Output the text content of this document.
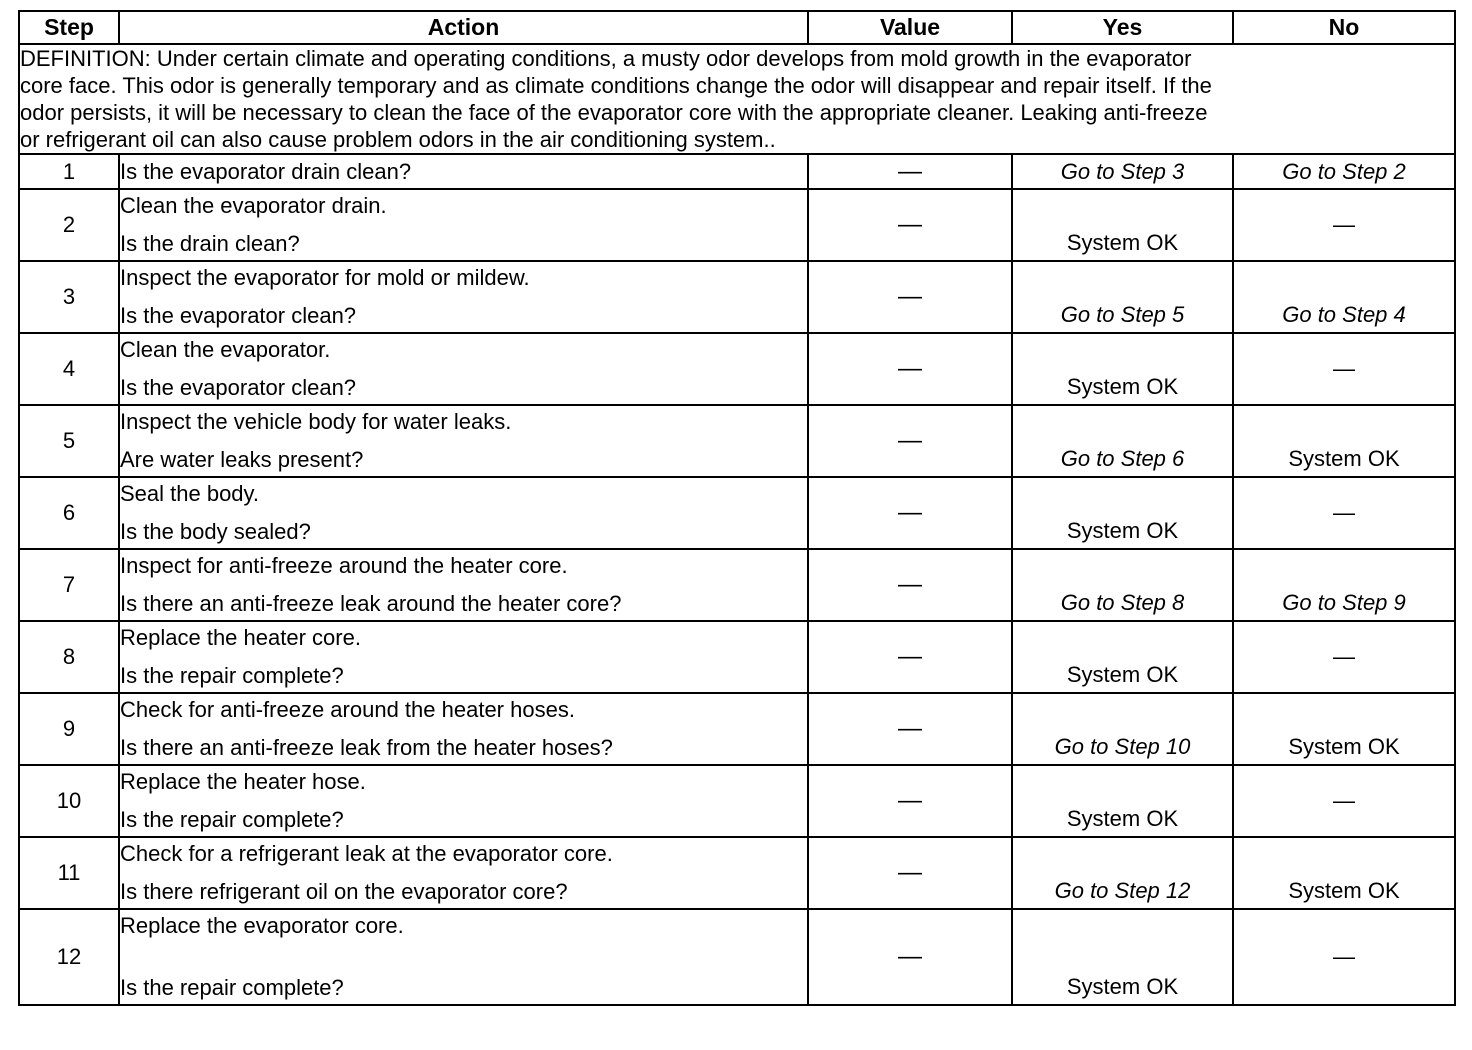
Step	Action	Value	Yes	No

DEFINITION: Under certain climate and operating conditions, a musty odor develops from mold growth in the evaporator
core face. This odor is generally temporary and as climate conditions change the odor will disappear and repair itself. If the
odor persists, it will be necessary to clean the face of the evaporator core with the appropriate cleaner. Leaking anti-freeze
or refrigerant oil can also cause problem odors in the air conditioning system..				

1	Is the evaporator drain clean?	—	Go to Step 3	Go to Step 2
2	Clean the evaporator drain.
Is the drain clean?	—	System OK	—
3	Inspect the evaporator for mold or mildew.
Is the evaporator clean?	—	Go to Step 5	Go to Step 4
4	Clean the evaporator.
Is the evaporator clean?	—	System OK	—
5	Inspect the vehicle body for water leaks.
Are water leaks present?	—	Go to Step 6	System OK
6	Seal the body.
Is the body sealed?	—	System OK	—
7	Inspect for anti-freeze around the heater core.
Is there an anti-freeze leak around the heater core?	—	Go to Step 8	Go to Step 9
8	Replace the heater core.
Is the repair complete?	—	System OK	—
9	Check for anti-freeze around the heater hoses.
Is there an anti-freeze leak from the heater hoses?	—	Go to Step 10	System OK
10	Replace the heater hose.
Is the repair complete?	—	System OK	—
11	Check for a refrigerant leak at the evaporator core.
Is there refrigerant oil on the evaporator core?	—	Go to Step 12	System OK
12	Replace the evaporator core.
Is the repair complete?	—	System OK	—
